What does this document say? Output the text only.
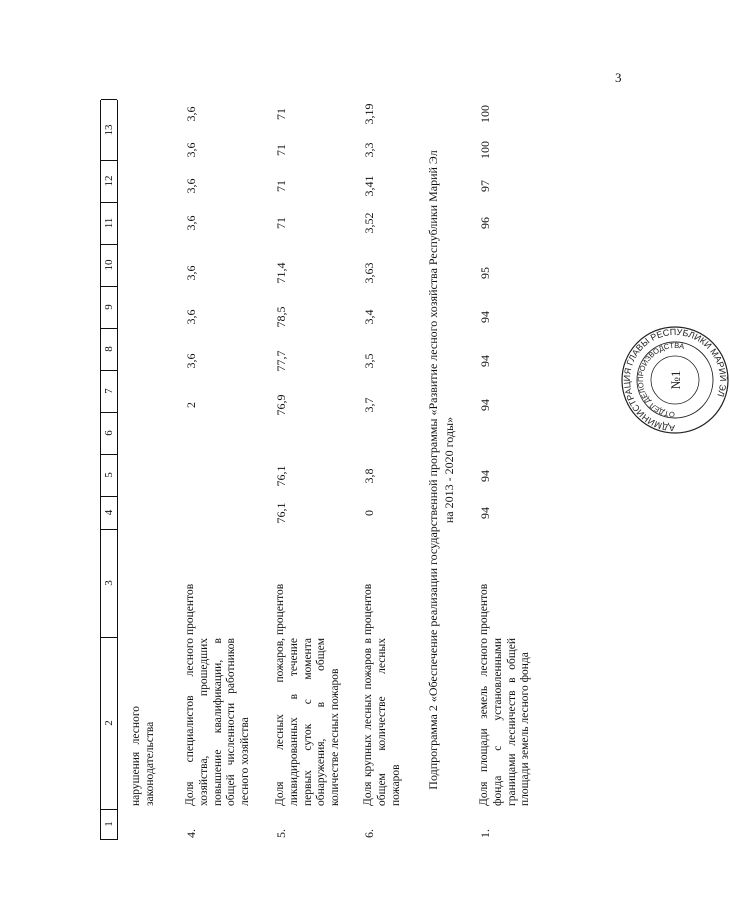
3
1
2
3
4
5
6
7
8
9
10
11
12
13
нарушения лесного законодательства
4.
Доля специалистов лесного хозяйства, прошедших повышение квалификации, в общей численности работников лесного хозяйства
процентов
2
3,6
3,6
3,6
3,6
3,6
3,6
3,6
5.
Доля лесных пожаров, ликвидированных в течение первых суток с момента обнаружения, в общем количестве лесных пожаров
процентов
76,1
76,1
76,9
77,7
78,5
71,4
71
71
71
71
6.
Доля крупных лесных пожаров в общем количестве лесных пожаров
процентов
0
3,8
3,7
3,5
3,4
3,63
3,52
3,41
3,3
3,19
Подпрограмма 2 «Обеспечение реализации государственной программы «Развитие лесного хозяйства Республики Марий Эл на 2013 - 2020 годы»
1.
Доля площади земель лесного фонда с установленными границами лесничеств в общей площади земель лесного фонда
процентов
94
94
94
94
94
95
96
97
100
100
АДМИНИСТРАЦИЯ ГЛАВЫ РЕСПУБЛИКИ МАРИЙ ЭЛ
ОТДЕЛ ДЕЛОПРОИЗВОДСТВА
№1
